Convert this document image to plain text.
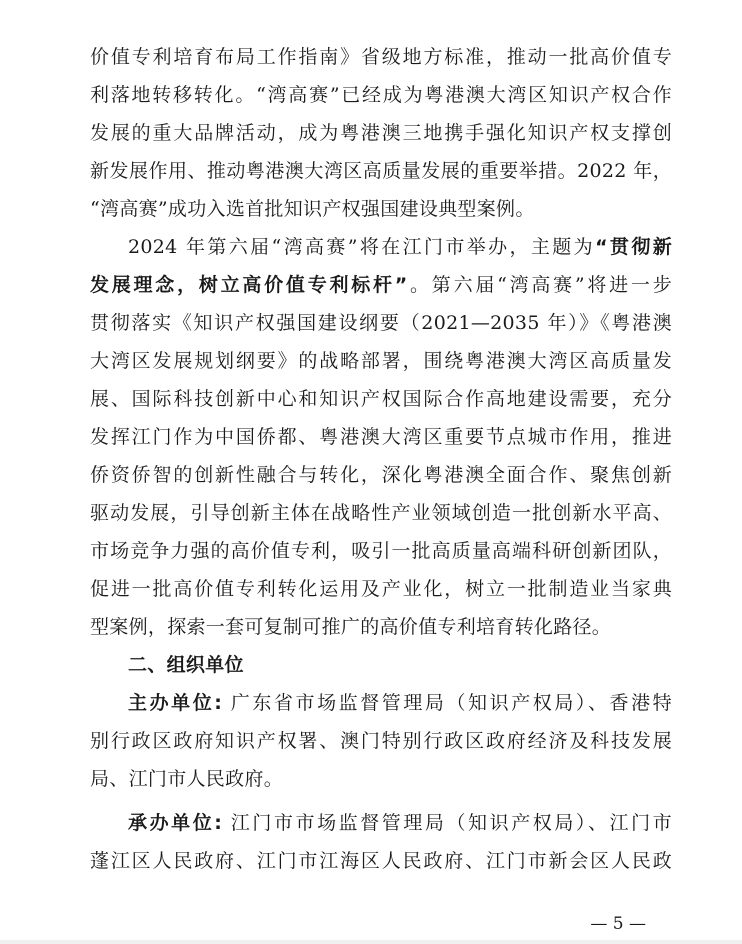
价值专利培育布局工作指南》省级地方标准，推动一批高价值专
利落地转移转化。“湾高赛”已经成为粤港澳大湾区知识产权合作
发展的重大品牌活动，成为粤港澳三地携手强化知识产权支撑创
新发展作用、推动粤港澳大湾区高质量发展的重要举措。2022 年，
“湾高赛”成功入选首批知识产权强国建设典型案例。
2024 年第六届“湾高赛”将在江门市举办，主题为“贯彻新
发展理念，树立高价值专利标杆”。第六届“湾高赛”将进一步
贯彻落实《知识产权强国建设纲要（2021—2035 年）》《粤港澳
大湾区发展规划纲要》的战略部署，围绕粤港澳大湾区高质量发
展、国际科技创新中心和知识产权国际合作高地建设需要，充分
发挥江门作为中国侨都、粤港澳大湾区重要节点城市作用，推进
侨资侨智的创新性融合与转化，深化粤港澳全面合作、聚焦创新
驱动发展，引导创新主体在战略性产业领域创造一批创新水平高、
市场竞争力强的高价值专利，吸引一批高质量高端科研创新团队，
促进一批高价值专利转化运用及产业化，树立一批制造业当家典
型案例，探索一套可复制可推广的高价值专利培育转化路径。
二、组织单位
主办单位: 广东省市场监督管理局（知识产权局）、香港特
别行政区政府知识产权署、澳门特别行政区政府经济及科技发展
局、江门市人民政府。
承办单位: 江门市市场监督管理局（知识产权局）、江门市
蓬江区人民政府、江门市江海区人民政府、江门市新会区人民政
— 5 —
